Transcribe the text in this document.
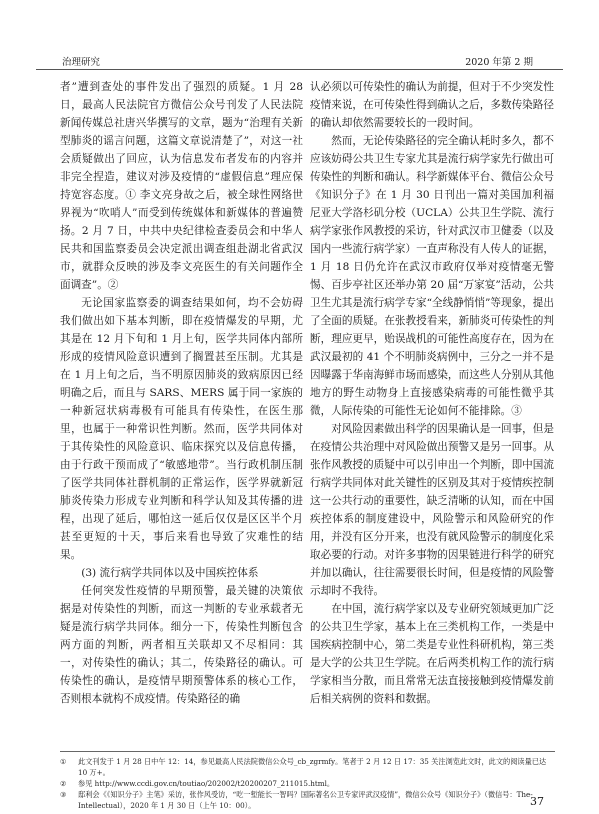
治理研究	2020 年第 2 期

者”遭到查处的事件发出了强烈的质疑。1 月 28 日，最高人民法院官方微信公众号刊发了人民法院新闻传媒总社唐兴华撰写的文章，题为“治理有关新型肺炎的谣言问题，这篇文章说清楚了”，对这一社会质疑做出了回应，认为信息发布者发布的内容并非完全捏造，建议对涉及疫情的“虚假信息”理应保持宽容态度。① 李文亮身故之后，被全球性网络世界视为“吹哨人”而受到传统媒体和新媒体的普遍赞扬。2 月 7 日，中共中央纪律检查委员会和中华人民共和国监察委员会决定派出调查组赴湖北省武汉市，就群众反映的涉及李文亮医生的有关问题作全面调查”。②

无论国家监察委的调查结果如何，均不会妨碍我们做出如下基本判断，即在疫情爆发的早期，尤其是在 12 月下旬和 1 月上旬，医学共同体内部所形成的疫情风险意识遭到了搁置甚至压制。尤其是在 1 月上旬之后，当不明原因肺炎的致病原因已经明确之后，而且与 SARS、MERS 属于同一家族的一种新冠状病毒极有可能具有传染性，在医生那里，也属于一种常识性判断。然而，医学共同体对于其传染性的风险意识、临床探究以及信息传播，由于行政干预而成了“敏感地带”。当行政机制压制了医学共同体社群机制的正常运作，医学界就新冠肺炎传染力形成专业判断和科学认知及其传播的进程，出现了延后，哪怕这一延后仅仅是区区半个月甚至更短的十天，事后来看也导致了灾难性的结果。

(3) 流行病学共同体以及中国疾控体系

任何突发性疫情的早期预警，最关键的决策依据是对传染性的判断，而这一判断的专业承载者无疑是流行病学共同体。细分一下，传染性判断包含两方面的判断，两者相互关联却又不尽相同：其一，对传染性的确认；其二，传染路径的确认。可传染性的确认，是疫情早期预警体系的核心工作，否则根本就构不成疫情。传染路径的确

认必须以可传染性的确认为前提，但对于不少突发性疫情来说，在可传染性得到确认之后，多数传染路径的确认却依然需要较长的一段时间。

然而，无论传染路径的完全确认耗时多久，都不应该妨碍公共卫生专家尤其是流行病学家先行做出可传染性的判断和确认。科学新媒体平台、微信公众号《知识分子》在 1 月 30 日刊出一篇对美国加利福尼亚大学洛杉矶分校（UCLA）公共卫生学院、流行病学家张作风教授的采访，针对武汉市卫健委（以及国内一些流行病学家）一直声称没有人传人的证据，1 月 18 日仍允许在武汉市政府仅举对疫情毫无警惕、百步亭社区还举办第 20 届“万家宴”活动，公共卫生尤其是流行病学专家“全线静悄悄”等现象，提出了全面的质疑。在张教授看来，新肺炎可传染性的判断，理应更早，贻误战机的可能性高度存在，因为在武汉最初的 41 个不明肺炎病例中，三分之一并不是因曝露于华南海鲜市场而感染，而这些人分别从其他地方的野生动物身上直接感染病毒的可能性微乎其微，人际传染的可能性无论如何不能排除。③

对风险因素做出科学的因果确认是一回事，但是在疫情公共治理中对风险做出预警又是另一回事。从张作风教授的质疑中可以引申出一个判断，即中国流行病学共同体对此关键性的区别及其对于疫情疾控制这一公共行动的重要性，缺乏清晰的认知，而在中国疾控体系的制度建设中，风险警示和风险研究的作用，并没有区分开来，也没有就风险警示的制度化采取必要的行动。对许多事物的因果链进行科学的研究并加以确认，往往需要很长时间，但是疫情的风险警示却时不我待。

在中国，流行病学家以及专业研究领域更加广泛的公共卫生学家，基本上在三类机构工作，一类是中国疾病控制中心，第二类是专业性科研机构，第三类是大学的公共卫生学院。在后两类机构工作的流行病学家相当分散，而且常常无法直接接触到疫情爆发前后相关病例的资料和数据。

① 此文刊发于 1 月 28 日中午 12：14，参见最高人民法院微信公众号_cb_zgrmfy。笔者于 2 月 12 日 17：35 关注浏览此文时，此文的阅读量已达 10 万+。
② 参见 http://www.ccdi.gov.cn/toutiao/202002/t20200207_211015.html。
③ 邸利会《《知识分子》主笔》采访，张作风受访，“吃一堑能长一智吗？国际著名公卫专家评武汉疫情”，微信公众号《知识分子》（微信号：The-Intellectual），2020 年 1 月 30 日（上午 10：00）。	37
